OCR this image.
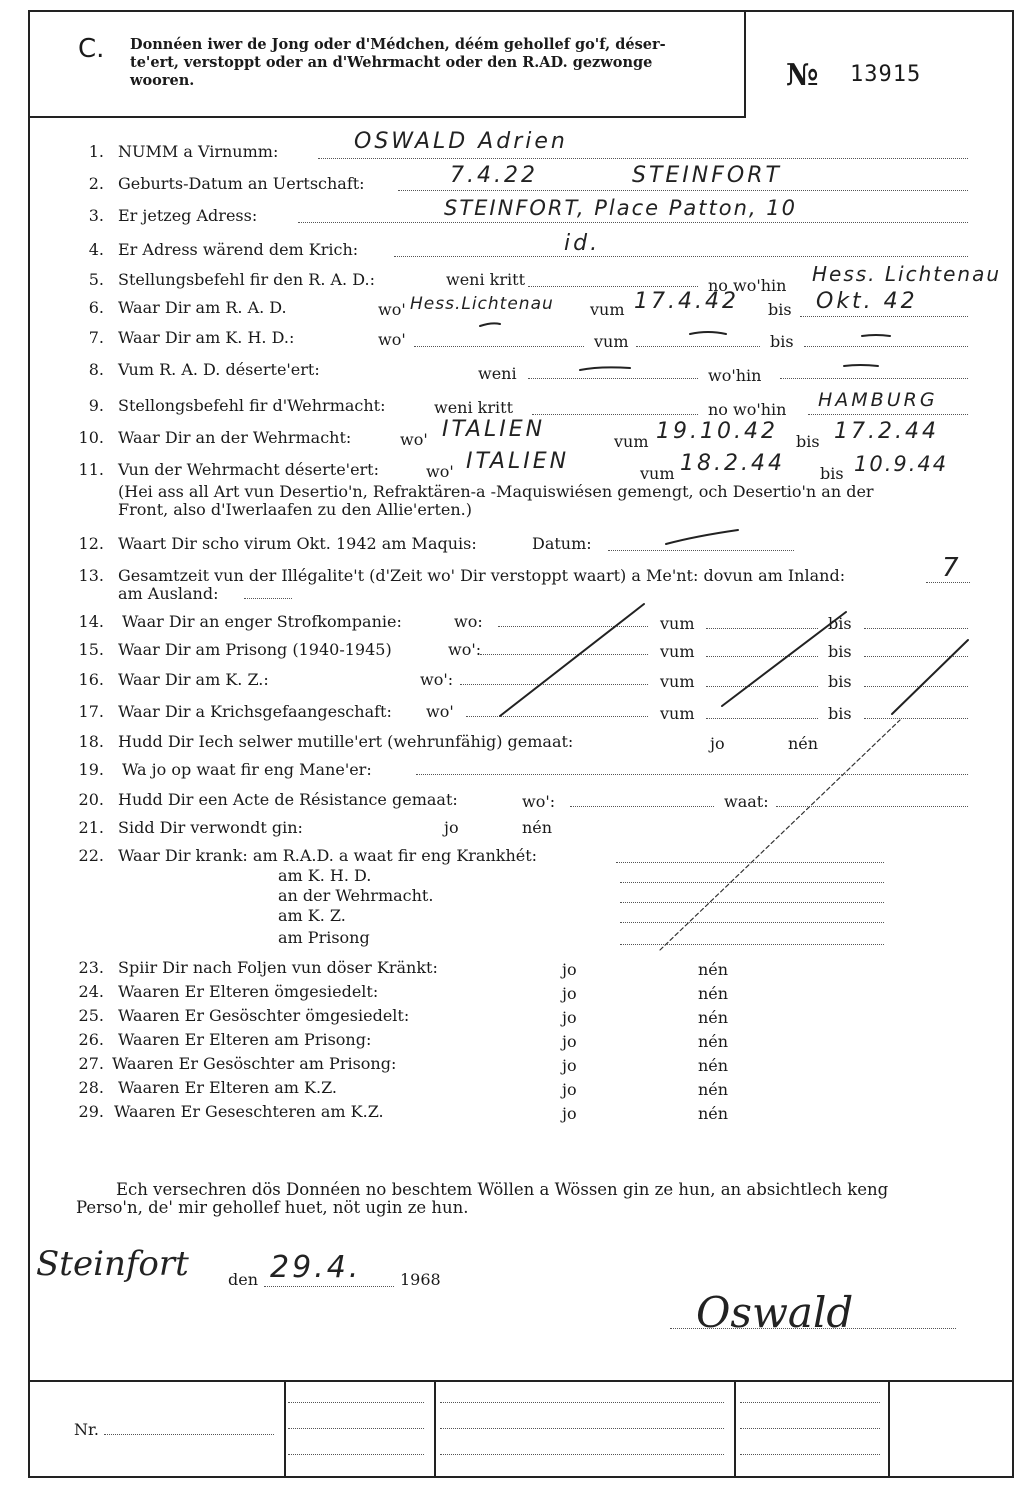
C. Donnéen iwer de Jong oder d'Médchen, déém gehollef go'f, déser-
te'ert, verstoppt oder an d'Wehrmacht oder den R.AD. gezwonge
wooren.	№ 13915
1. NUMM a Virnumm:	OSWALD Adrien
2. Geburts-Datum an Uertschaft:	7.4.22	STEINFORT
3. Er jetzeg Adress:	STEINFORT, Place Patton, 10
4. Er Adress wärend dem Krich:	id.
5. Stellungsbefehl fir den R. A. D.:	weni kritt	no wo'hin Hess. Lichtenau
6. Waar Dir am R. A. D.	wo' Hess.Lichtenau vum 17.4.42 bis Okt. 42
7. Waar Dir am K. H. D.:	wo'	vum	bis
8. Vum R. A. D. déserte'ert:	weni	wo'hin
9. Stellongsbefehl fir d'Wehrmacht:	weni kritt	no wo'hin HAMBURG
10. Waar Dir an der Wehrmacht:	wo' ITALIEN	vum 19.10.42 bis 17.2.44
11. Vun der Wehrmacht déserte'ert:	wo' ITALIEN	vum 18.2.44 bis 10.9.44
(Hei ass all Art vun Desertio'n, Refraktären-a -Maquiswiésen gemengt, och Desertio'n an der
Front, also d'Iwerlaafen zu den Allie'erten.)
12. Waart Dir scho virum Okt. 1942 am Maquis:	Datum:
13. Gesamtzeit vun der Illégalite't (d'Zeit wo' Dir verstoppt waart) a Me'nt: dovun am Inland:	7
am Ausland:
14. Waar Dir an enger Strofkompanie:	wo:	vum	bis
15. Waar Dir am Prisong (1940-1945)	wo':	vum	bis
16. Waar Dir am K. Z.:	wo':	vum	bis
17. Waar Dir a Krichsgefaangeschaft: wo'	vum	bis
18. Hudd Dir Iech selwer mutille'ert (wehrunfähig) gemaat:	jo	nén
19. Wa jo op waat fir eng Mane'er:
20. Hudd Dir een Acte de Résistance gemaat:	wo':	waat:
21. Sidd Dir verwondt gin:	jo	nén
22. Waar Dir krank: am R.A.D. a waat fir eng Krankhét:
am K. H. D.
an der Wehrmacht.
am K. Z.
am Prisong
23. Spiir Dir nach Foljen vun döser Kränkt:	jo	nén
24. Waaren Er Elteren ömgesiedelt:	jo	nén
25. Waaren Er Gesöschter ömgesiedelt:	jo	nén
26. Waaren Er Elteren am Prisong:	jo	nén
27. Waaren Er Gesöschter am Prisong:	jo	nén
28. Waaren Er Elteren am K.Z.	jo	nén
29. Waaren Er Geseschteren am K.Z.	jo	nén
Ech versechren dös Donnéen no beschtem Wöllen a Wössen gin ze hun, an absichtlech keng
Perso'n, de' mir gehollef huet, nöt ugin ze hun.
Steinfort den 29.4. 1968
Oswald
Nr.
